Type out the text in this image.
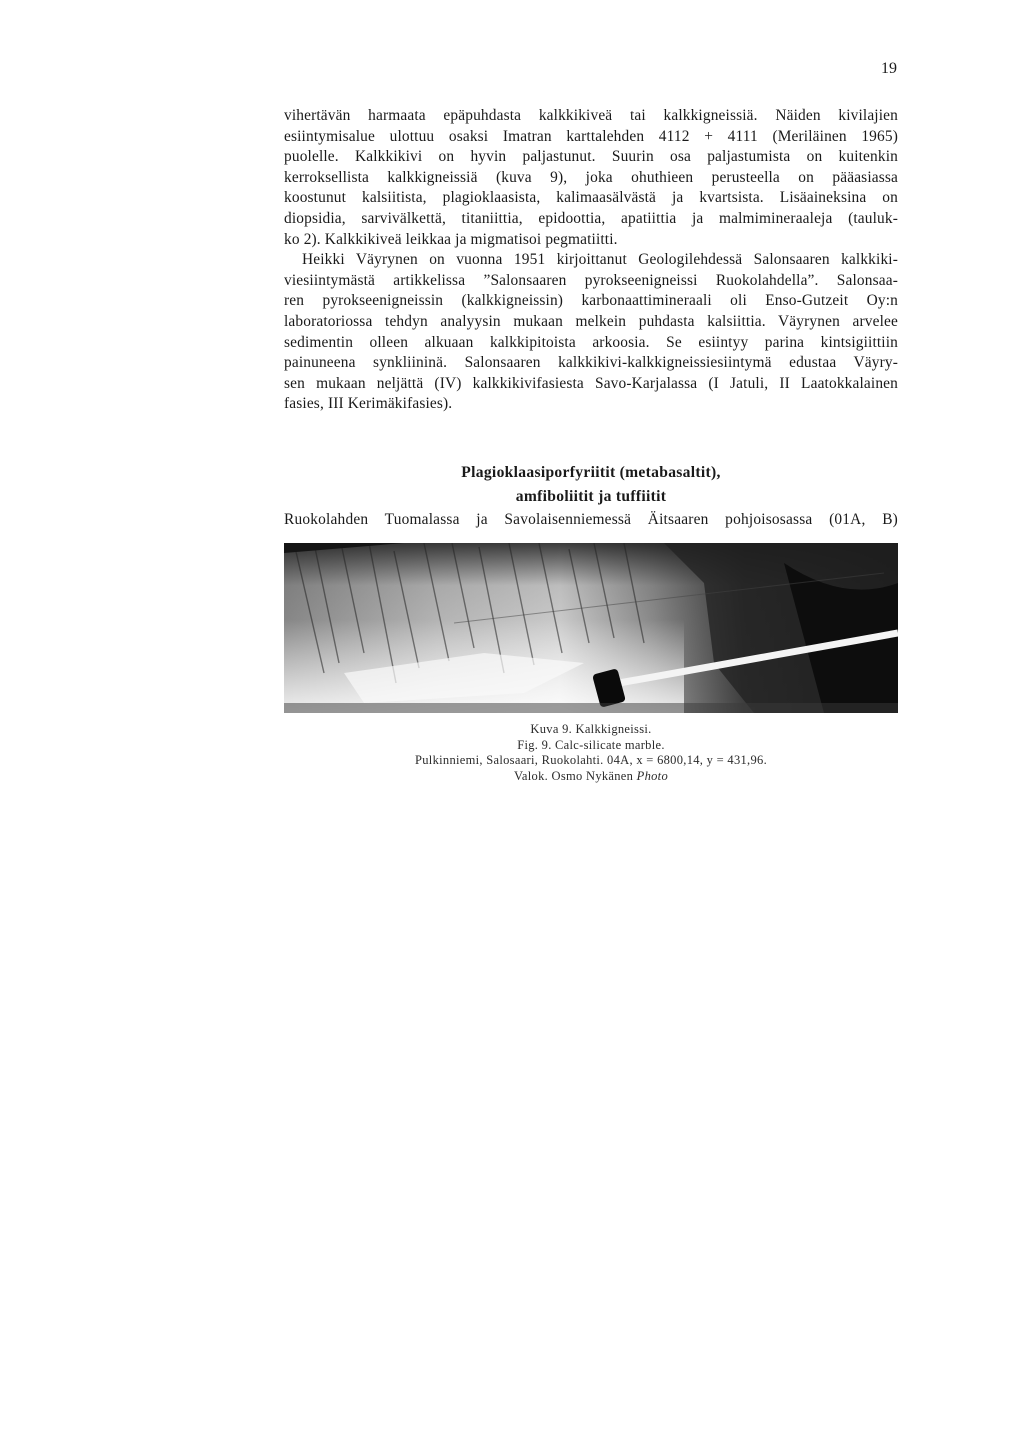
19
vihertävän harmaata epäpuhdasta kalkkikiveä tai kalkkigneissiä. Näiden kivilajien
esiintymisalue ulottuu osaksi Imatran karttalehden 4112 + 4111 (Meriläinen 1965)
puolelle. Kalkkikivi on hyvin paljastunut. Suurin osa paljastumista on kuitenkin
kerroksellista kalkkigneissiä (kuva 9), joka ohuthieen perusteella on pääasiassa
koostunut kalsiitista, plagioklaasista, kalimaasälvästä ja kvartsista. Lisäaineksina on
diopsidia, sarvivälkettä, titaniittia, epidoottia, apatiittia ja malmimineraaleja (tauluk-
ko 2). Kalkkikiveä leikkaa ja migmatisoi pegmatiitti.
Heikki Väyrynen on vuonna 1951 kirjoittanut Geologilehdessä Salonsaaren kalkkiki-
viesiintymästä artikkelissa ”Salonsaaren pyrokseenigneissi Ruokolahdella”. Salonsaa-
ren pyrokseenigneissin (kalkkigneissin) karbonaattimineraali oli Enso-Gutzeit Oy:n
laboratoriossa tehdyn analyysin mukaan melkein puhdasta kalsiittia. Väyrynen arvelee
sedimentin olleen alkuaan kalkkipitoista arkoosia. Se esiintyy parina kintsigiittiin
painuneena synkliininä. Salonsaaren kalkkikivi-kalkkigneissiesiintymä edustaa Väyry-
sen mukaan neljättä (IV) kalkkikivifasiesta Savo-Karjalassa (I Jatuli, II Laatokkalainen
fasies, III Kerimäkifasies).
Plagioklaasiporfyriitit (metabasaltit),
amfiboliitit ja tuffiitit
Ruokolahden Tuomalassa ja Savolaisenniemessä Äitsaaren pohjoisosassa (01A, B)
Kuva 9. Kalkkigneissi.
Fig. 9. Calc-silicate marble.
Pulkinniemi, Salosaari, Ruokolahti. 04A, x = 6800,14, y = 431,96.
Valok. Osmo Nykänen Photo
